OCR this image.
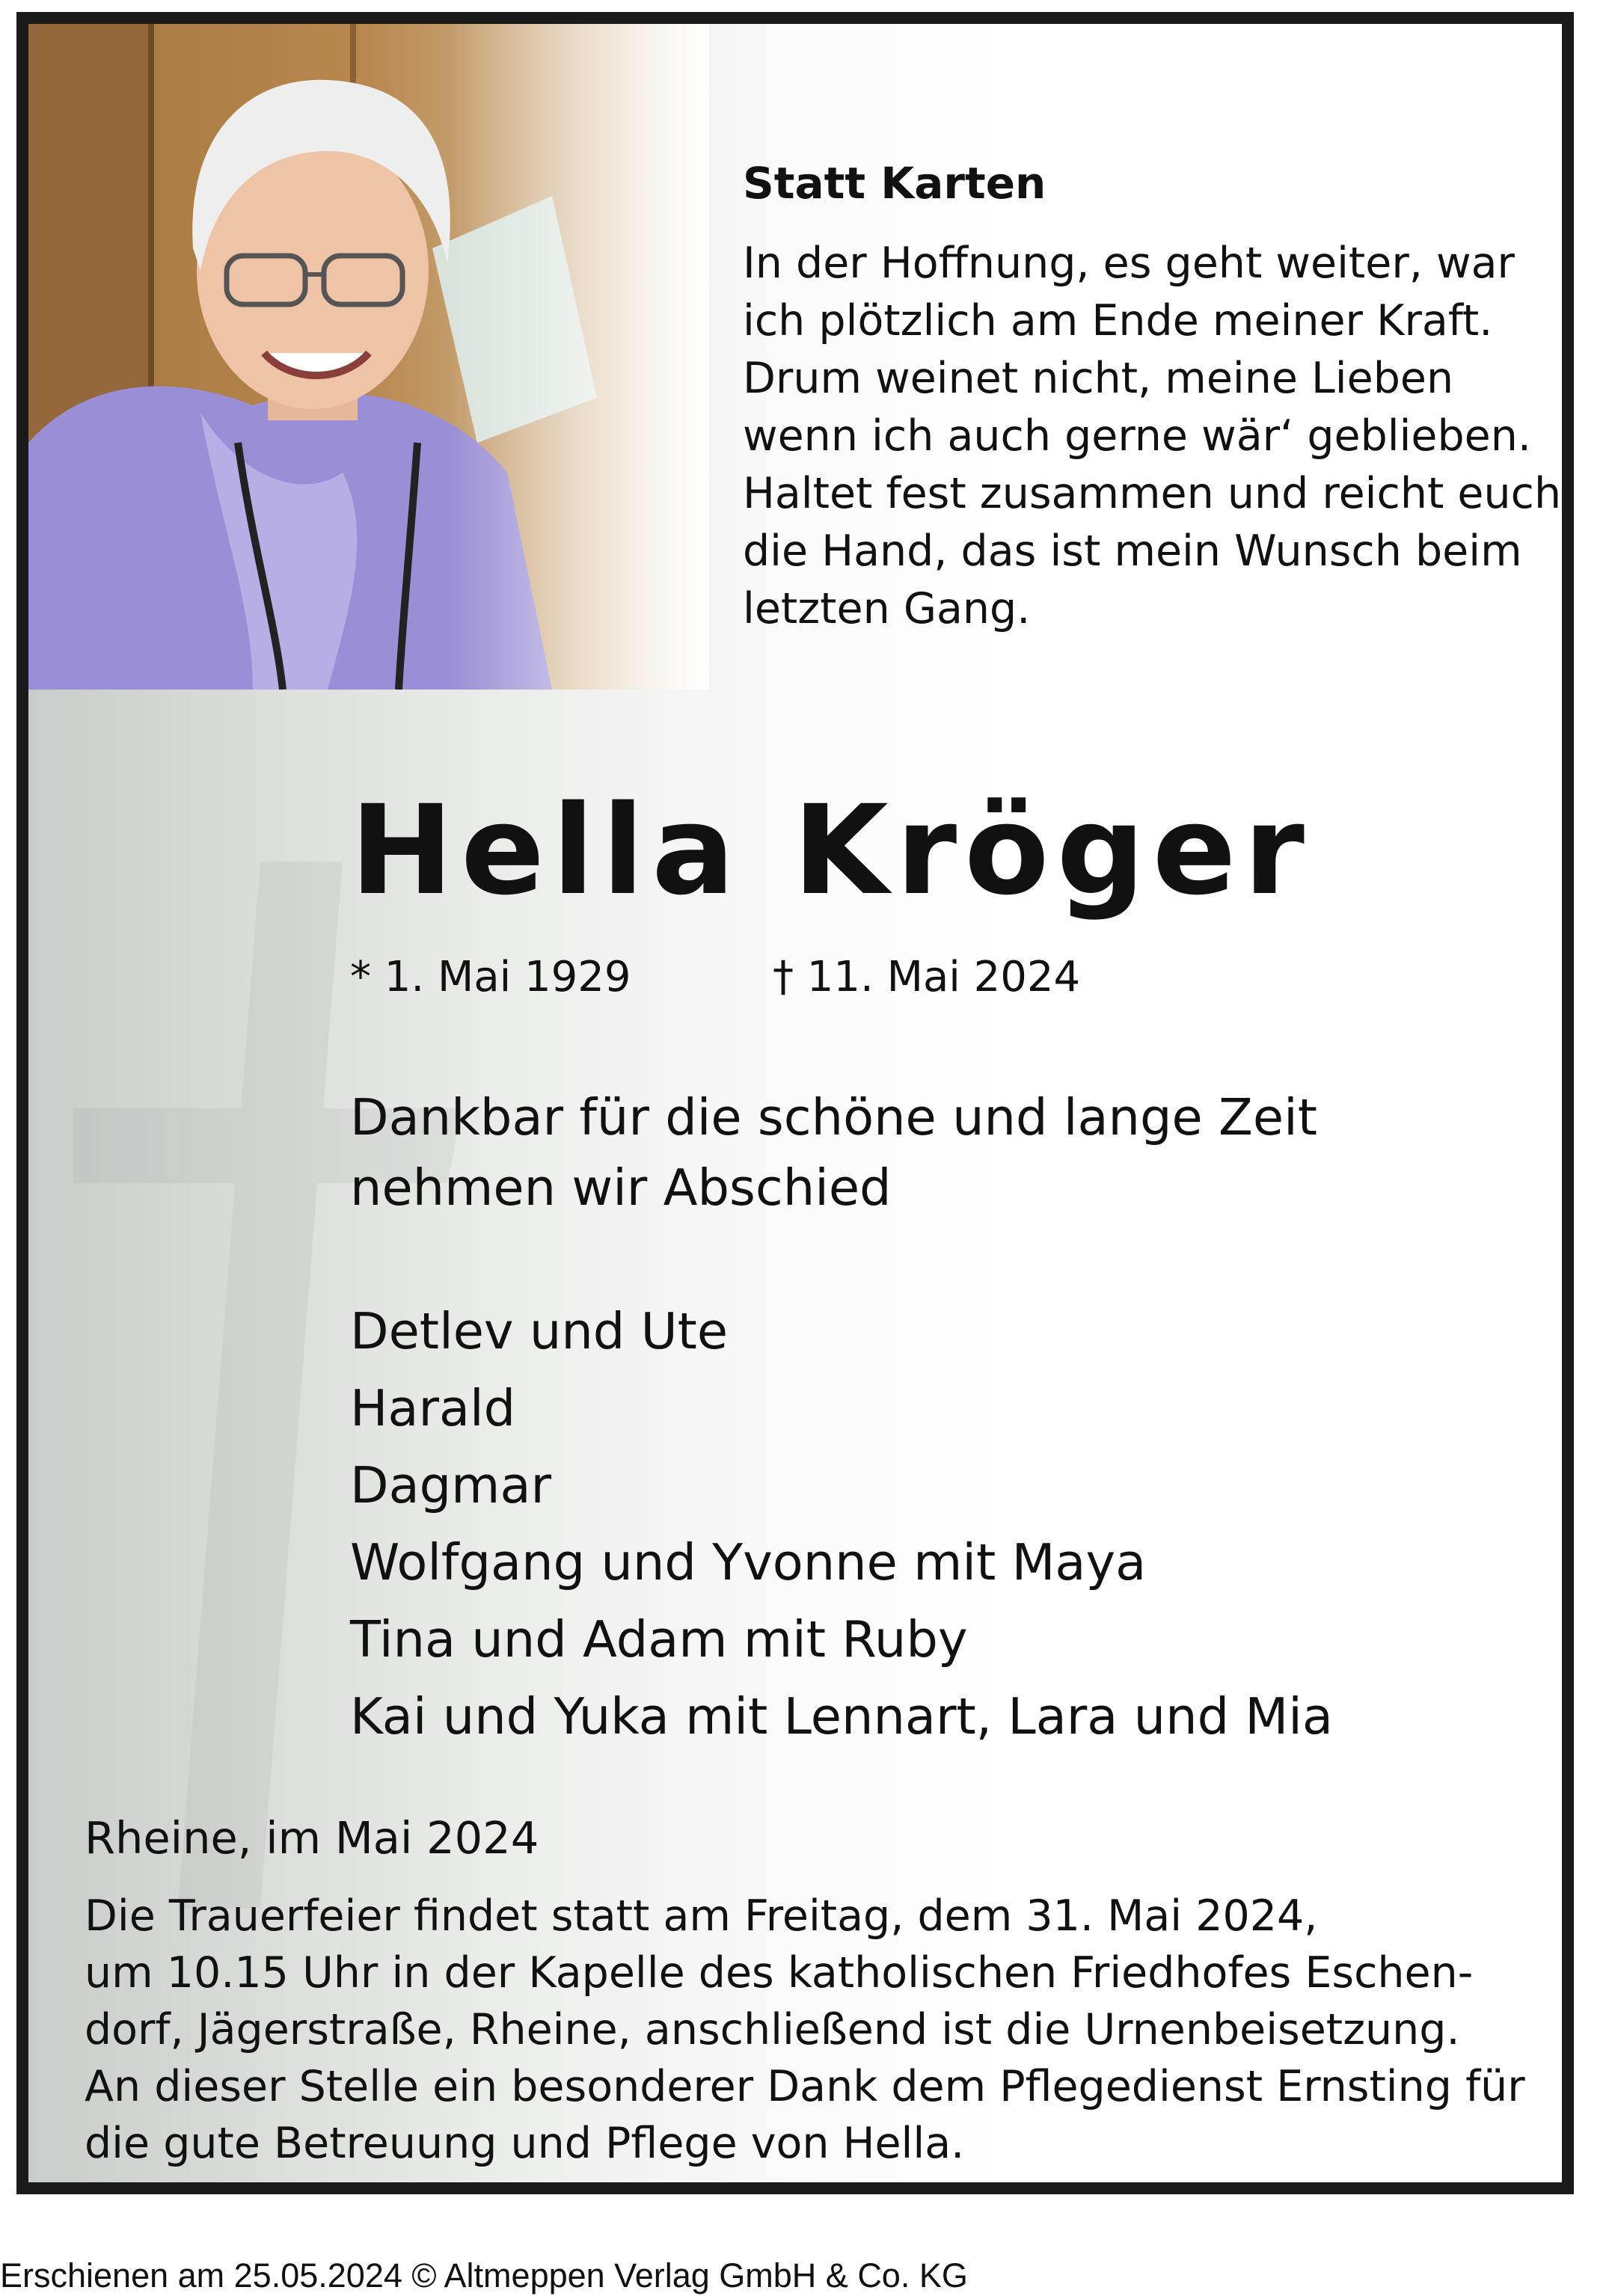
Statt Karten

In der Hoffnung, es geht weiter, war
ich plötzlich am Ende meiner Kraft.
Drum weinet nicht, meine Lieben
wenn ich auch gerne wär‘ geblieben.
Haltet fest zusammen und reicht euch
die Hand, das ist mein Wunsch beim
letzten Gang.

Hella Kröger

* 1. Mai 1929	† 11. Mai 2024

Dankbar für die schöne und lange Zeit
nehmen wir Abschied

Detlev und Ute
Harald
Dagmar
Wolfgang und Yvonne mit Maya
Tina und Adam mit Ruby
Kai und Yuka mit Lennart, Lara und Mia

Rheine, im Mai 2024

Die Trauerfeier findet statt am Freitag, dem 31. Mai 2024,
um 10.15 Uhr in der Kapelle des katholischen Friedhofes Eschen-
dorf, Jägerstraße, Rheine, anschließend ist die Urnenbeisetzung.
An dieser Stelle ein besonderer Dank dem Pflegedienst Ernsting für
die gute Betreuung und Pflege von Hella.

Erschienen am 25.05.2024 © Altmeppen Verlag GmbH & Co. KG
